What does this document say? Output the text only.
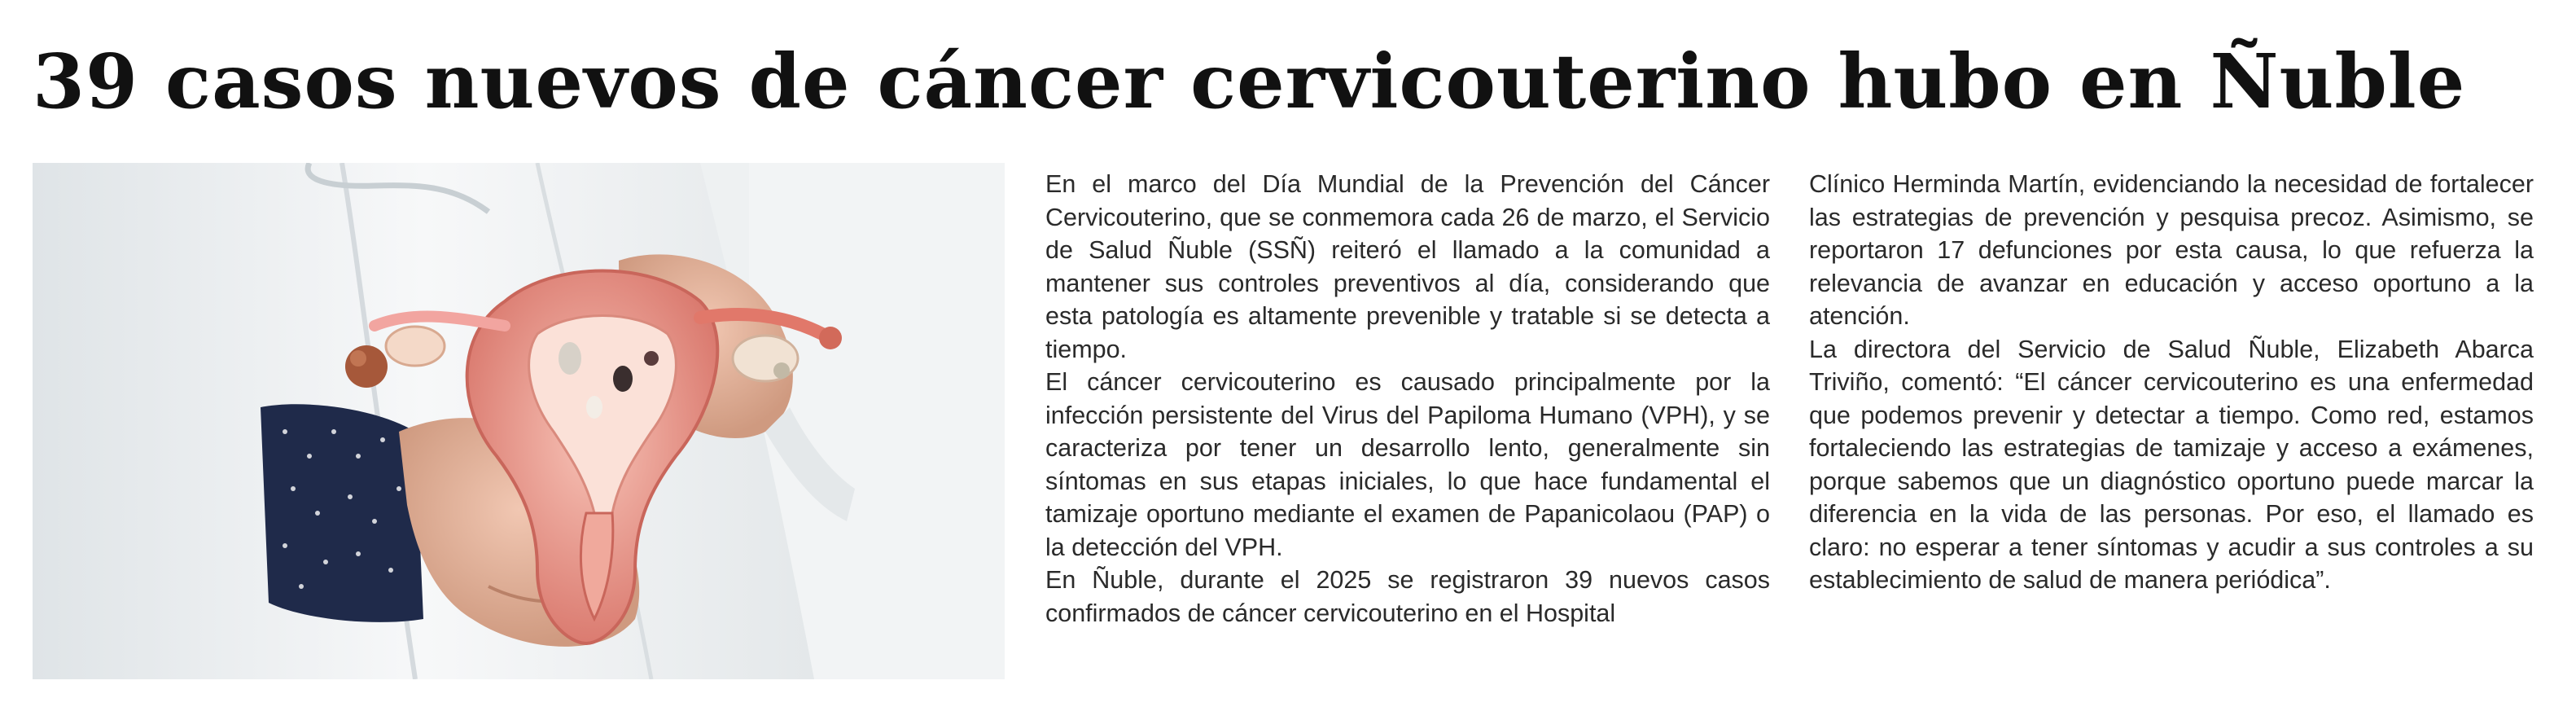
39 casos nuevos de cáncer cervicouterino hubo en Ñuble

En el marco del Día Mundial de la Prevención del Cáncer Cervicouterino, que se conmemora cada 26 de marzo, el Servicio de Salud Ñuble (SSÑ) reiteró el llamado a la comunidad a mantener sus controles preventivos al día, considerando que esta patología es altamente prevenible y tratable si se detecta a tiempo.

El cáncer cervicouterino es causado principalmente por la infección persistente del Virus del Papiloma Humano (VPH), y se caracteriza por tener un desarrollo lento, generalmente sin síntomas en sus etapas iniciales, lo que hace fundamental el tamizaje oportuno mediante el examen de Papanicolaou (PAP) o la detección del VPH.

En Ñuble, durante el 2025 se registraron 39 nuevos casos confirmados de cáncer cervicouterino en el Hospital

Clínico Herminda Martín, evidenciando la necesidad de fortalecer las estrategias de prevención y pesquisa precoz. Asimismo, se reportaron 17 defunciones por esta causa, lo que refuerza la relevancia de avanzar en educación y acceso oportuno a la atención.

La directora del Servicio de Salud Ñuble, Elizabeth Abarca Triviño, comentó: “El cáncer cervicouterino es una enfermedad que podemos prevenir y detectar a tiempo. Como red, estamos fortaleciendo las estrategias de tamizaje y acceso a exámenes, porque sabemos que un diagnóstico oportuno puede marcar la diferencia en la vida de las personas. Por eso, el llamado es claro: no esperar a tener síntomas y acudir a sus controles a su establecimiento de salud de manera periódica”.
